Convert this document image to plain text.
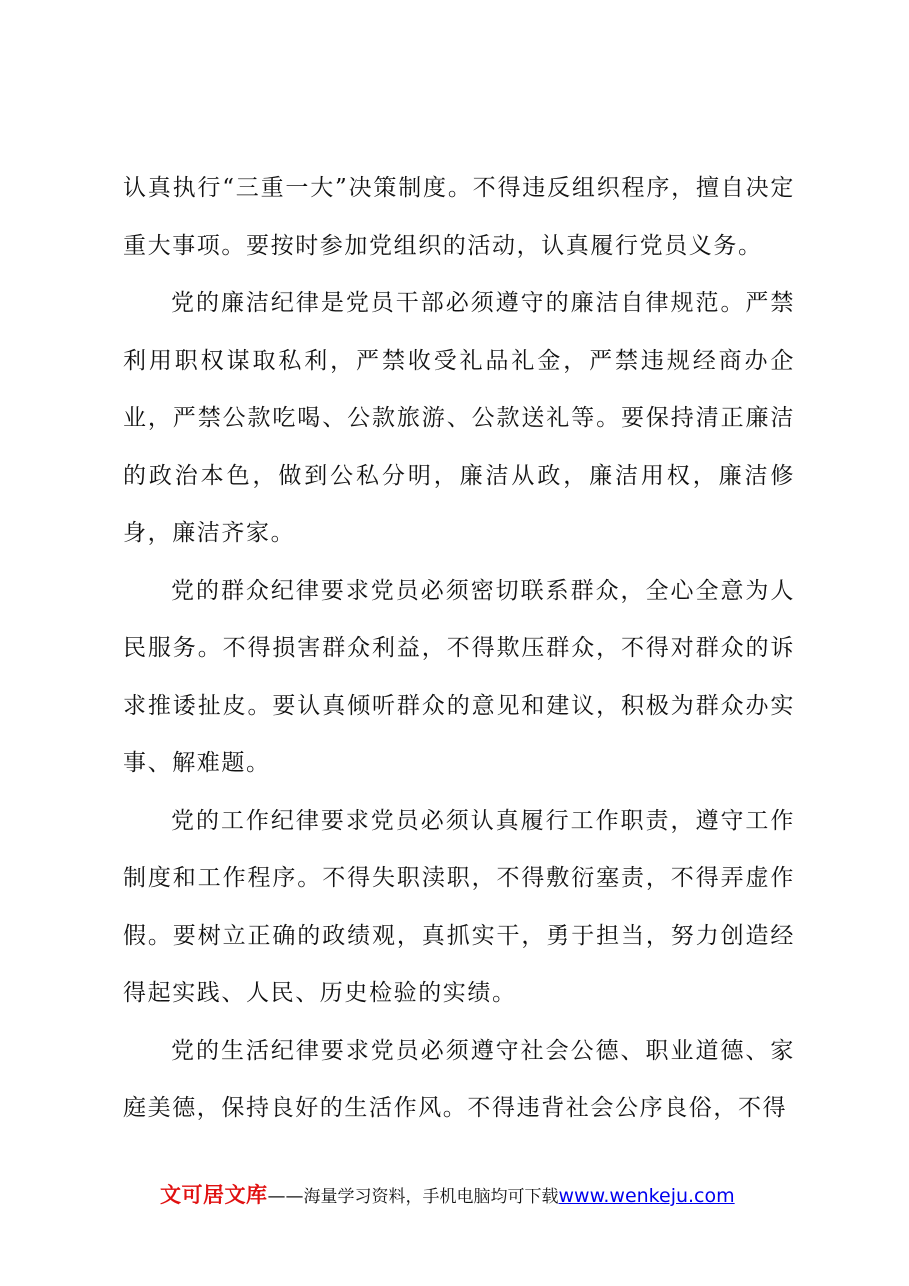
认真执行“三重一大”决策制度。不得违反组织程序，擅自决定重大事项。要按时参加党组织的活动，认真履行党员义务。

党的廉洁纪律是党员干部必须遵守的廉洁自律规范。严禁利用职权谋取私利，严禁收受礼品礼金，严禁违规经商办企业，严禁公款吃喝、公款旅游、公款送礼等。要保持清正廉洁的政治本色，做到公私分明，廉洁从政，廉洁用权，廉洁修身，廉洁齐家。

党的群众纪律要求党员必须密切联系群众，全心全意为人民服务。不得损害群众利益，不得欺压群众，不得对群众的诉求推诿扯皮。要认真倾听群众的意见和建议，积极为群众办实事、解难题。

党的工作纪律要求党员必须认真履行工作职责，遵守工作制度和工作程序。不得失职渎职，不得敷衍塞责，不得弄虚作假。要树立正确的政绩观，真抓实干，勇于担当，努力创造经得起实践、人民、历史检验的实绩。

党的生活纪律要求党员必须遵守社会公德、职业道德、家庭美德，保持良好的生活作风。不得违背社会公序良俗，不得

文可居文库——海量学习资料，手机电脑均可下载www.wenkeju.com
